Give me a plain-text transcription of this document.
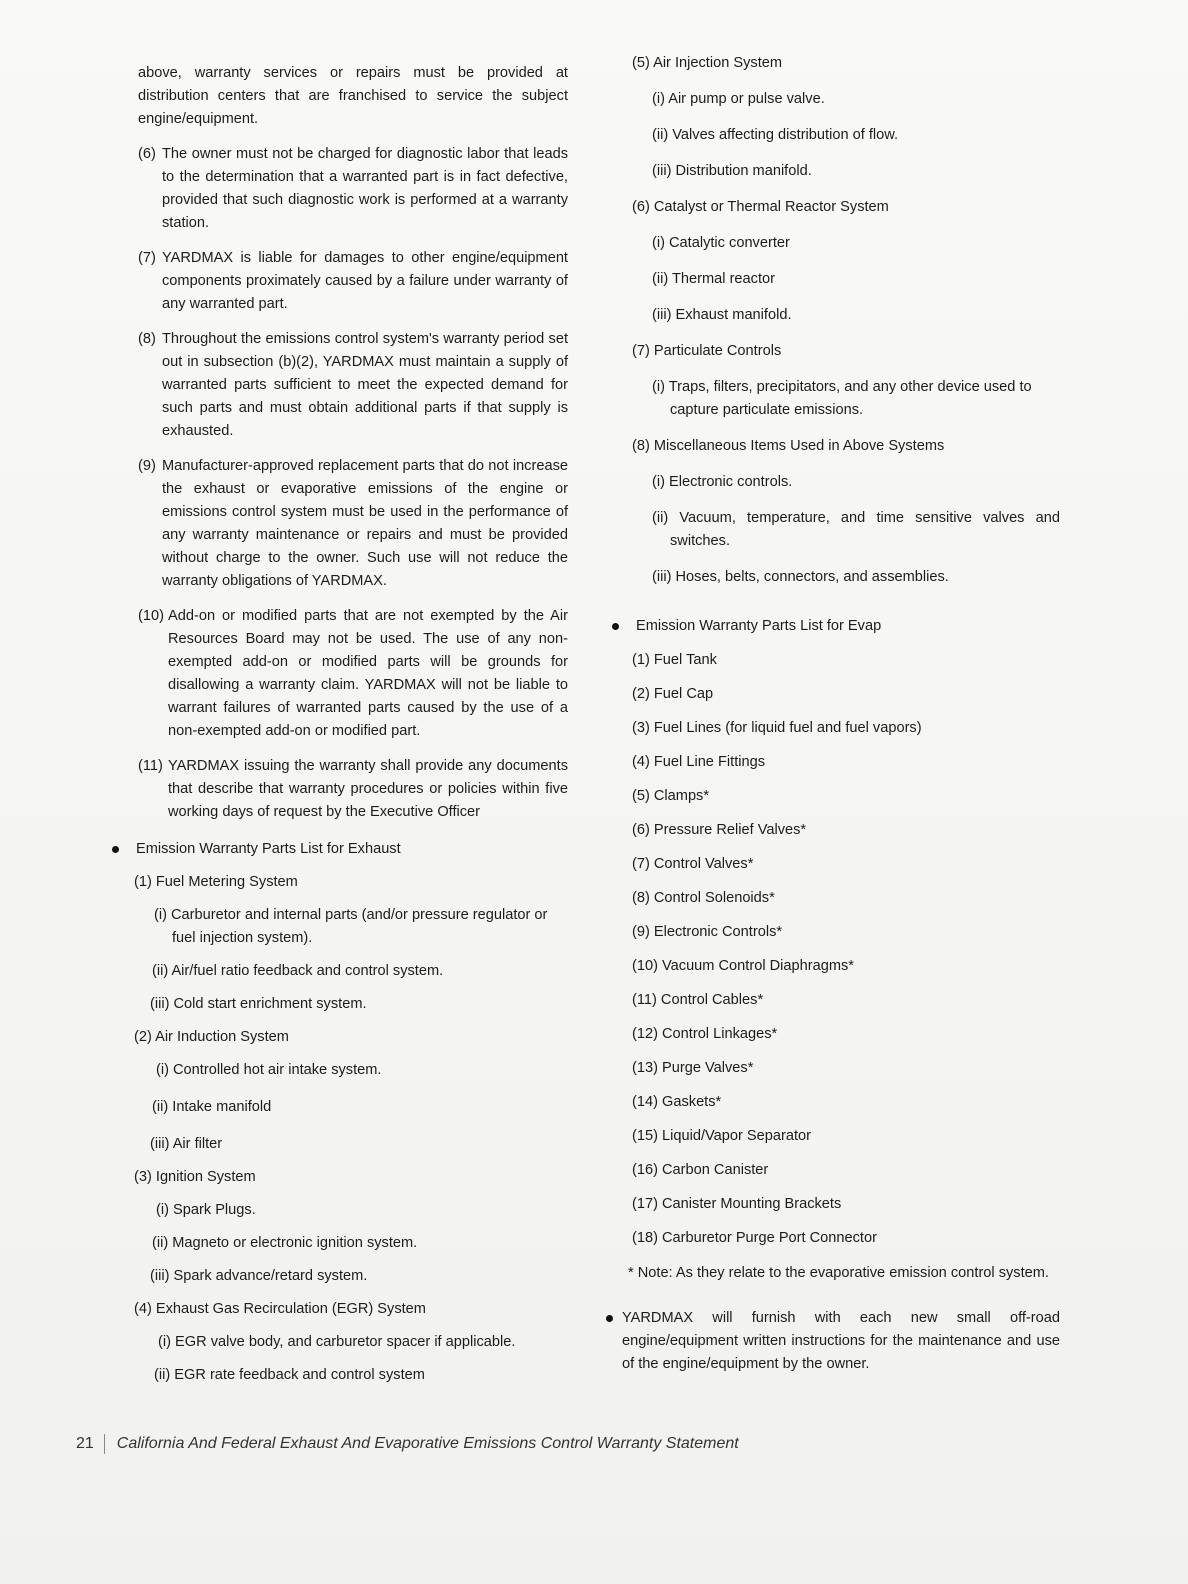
above, warranty services or repairs must be provided at distribution centers that are franchised to service the subject engine/equipment.

(6) The owner must not be charged for diagnostic labor that leads to the determination that a warranted part is in fact defective, provided that such diagnostic work is performed at a warranty station.
(7) YARDMAX is liable for damages to other engine/equipment components proximately caused by a failure under warranty of any warranted part.
(8) Throughout the emissions control system's warranty period set out in subsection (b)(2), YARDMAX must maintain a supply of warranted parts sufficient to meet the expected demand for such parts and must obtain additional parts if that supply is exhausted.
(9) Manufacturer-approved replacement parts that do not increase the exhaust or evaporative emissions of the engine or emissions control system must be used in the performance of any warranty maintenance or repairs and must be provided without charge to the owner. Such use will not reduce the warranty obligations of YARDMAX.
(10) Add-on or modified parts that are not exempted by the Air Resources Board may not be used. The use of any non-exempted add-on or modified parts will be grounds for disallowing a warranty claim. YARDMAX will not be liable to warrant failures of warranted parts caused by the use of a non-exempted add-on or modified part.
(11) YARDMAX issuing the warranty shall provide any documents that describe that warranty procedures or policies within five working days of request by the Executive Officer
Emission Warranty Parts List for Exhaust
(1) Fuel Metering System
(i) Carburetor and internal parts (and/or pressure regulator or fuel injection system).
(ii) Air/fuel ratio feedback and control system.
(iii) Cold start enrichment system.
(2) Air Induction System
(i) Controlled hot air intake system.
(ii) Intake manifold
(iii) Air filter
(3) Ignition System
(i) Spark Plugs.
(ii) Magneto or electronic ignition system.
(iii) Spark advance/retard system.
(4) Exhaust Gas Recirculation (EGR) System
(i) EGR valve body, and carburetor spacer if applicable.
(ii) EGR rate feedback and control system
(5) Air Injection System
(i) Air pump or pulse valve.
(ii) Valves affecting distribution of flow.
(iii) Distribution manifold.
(6) Catalyst or Thermal Reactor System
(i) Catalytic converter
(ii) Thermal reactor
(iii) Exhaust manifold.
(7) Particulate Controls
(i) Traps, filters, precipitators, and any other device used to capture particulate emissions.
(8) Miscellaneous Items Used in Above Systems
(i) Electronic controls.
(ii) Vacuum, temperature, and time sensitive valves and switches.
(iii) Hoses, belts, connectors, and assemblies.
Emission Warranty Parts List for Evap
(1) Fuel Tank
(2) Fuel Cap
(3) Fuel Lines (for liquid fuel and fuel vapors)
(4) Fuel Line Fittings
(5) Clamps*
(6) Pressure Relief Valves*
(7) Control Valves*
(8) Control Solenoids*
(9) Electronic Controls*
(10) Vacuum Control Diaphragms*
(11) Control Cables*
(12) Control Linkages*
(13) Purge Valves*
(14) Gaskets*
(15) Liquid/Vapor Separator
(16) Carbon Canister
(17) Canister Mounting Brackets
(18) Carburetor Purge Port Connector
* Note: As they relate to the evaporative emission control system.
YARDMAX will furnish with each new small off-road engine/equipment written instructions for the maintenance and use of the engine/equipment by the owner.
21 California And Federal Exhaust And Evaporative Emissions Control Warranty Statement
